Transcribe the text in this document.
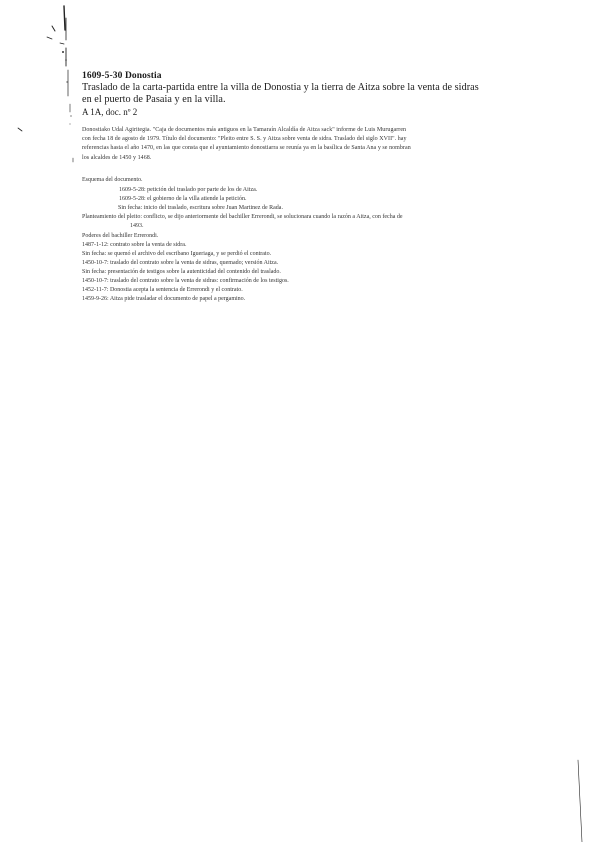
1609-5-30 Donostia
Traslado de la carta-partida entre la villa de Donostia y la tierra de Aitza sobre la venta de sidras
en el puerto de Pasaia y en la villa.
A 1A, doc. nº 2
Donostiako Udal Agiritegia. "Caja de documentos más antiguos en la Tamaraín Alcaldía de Aitza sack" informe de Luis Murugarren
con fecha 18 de agosto de 1979. Título del documento: "Pleito entre S. S. y Aitza sobre venta de sidra. Traslado del siglo XVII". hay
referencias hasta el año 1470, en las que consta que el ayuntamiento donostiarra se reunía ya en la basílica de Santa Ana y se nombran
los alcaldes de 1450 y 1468.
Esquema del documento.
1609-5-28: petición del traslado por parte de los de Aitza.
1609-5-28: el gobierno de la villa atiende la petición.
Sin fecha: inicio del traslado, escritura sobre Juan Martinez de Rada.
Planteamiento del pleito: conflicto, se dijo anteriormente del bachiller Errerondi, se solucionara cuando la razón a Aitza, con fecha de
1493.
Poderes del bachiller Errerondi.
1487-1-12: contrato sobre la venta de sidra.
Sin fecha: se quemó el archivo del escribano Igueriaga, y se perdió el contrato.
1450-10-7: traslado del contrato sobre la venta de sidras, quemado; versión Aitza.
Sin fecha: presentación de testigos sobre la autenticidad del contenido del traslado.
1450-10-7: traslado del contrato sobre la venta de sidras: confirmación de los testigos.
1452-11-7: Donostia acepta la sentencia de Errerondi y el contrato.
1459-9-26: Aitza pide trasladar el documento de papel a pergamino.
